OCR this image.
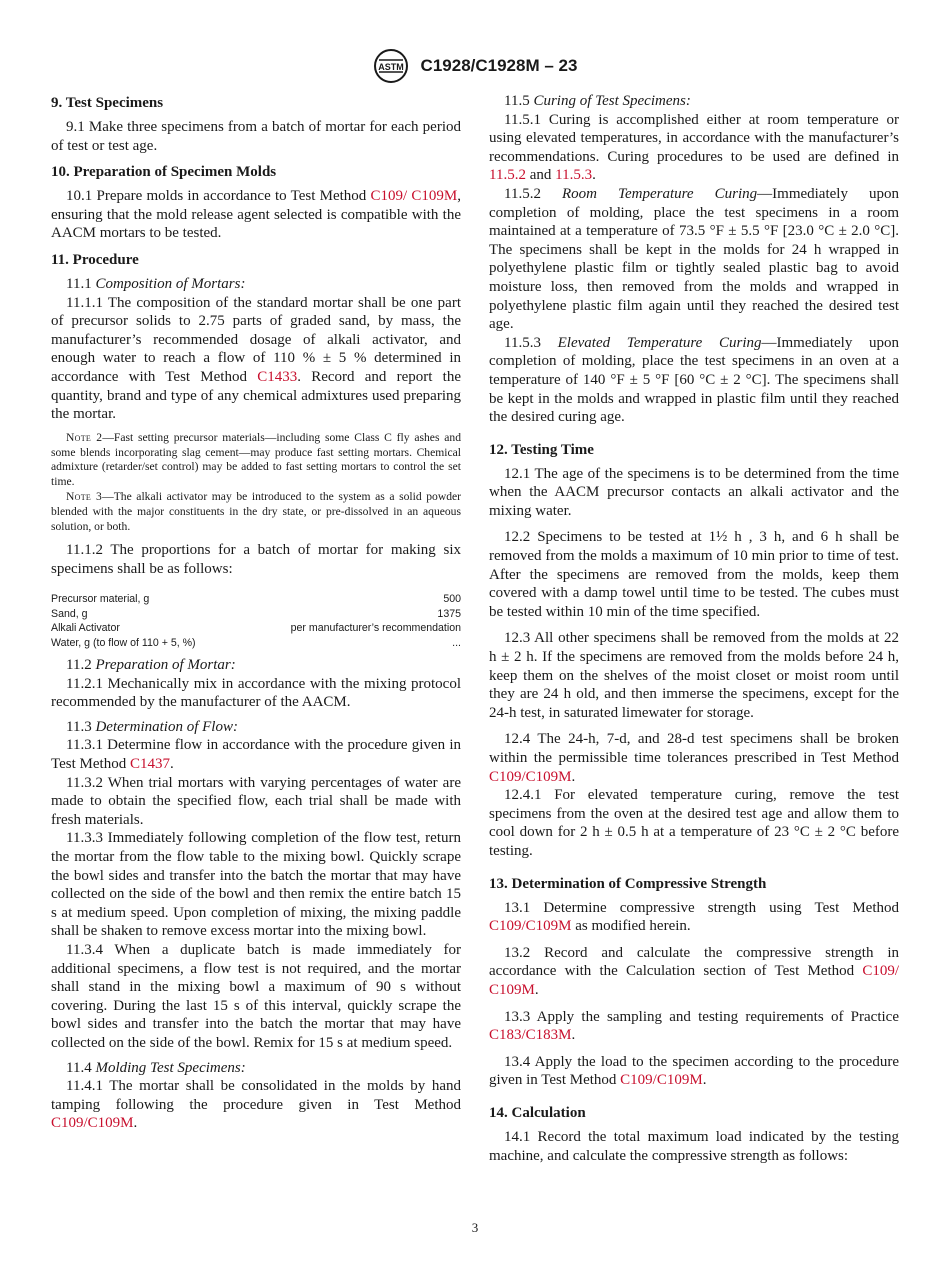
ASTM C1928/C1928M – 23
9. Test Specimens

9.1 Make three specimens from a batch of mortar for each period of test or test age.

10. Preparation of Specimen Molds

10.1 Prepare molds in accordance to Test Method C109/ C109M, ensuring that the mold release agent selected is compatible with the AACM mortars to be tested.

11. Procedure

11.1 Composition of Mortars:

11.1.1 The composition of the standard mortar shall be one part of precursor solids to 2.75 parts of graded sand, by mass, the manufacturer’s recommended dosage of alkali activator, and enough water to reach a flow of 110 % ± 5 % determined in accordance with Test Method C1433. Record and report the quantity, brand and type of any chemical admixtures used preparing the mortar.

Note 2—Fast setting precursor materials—including some Class C fly ashes and some blends incorporating slag cement—may produce fast setting mortars. Chemical admixture (retarder/set control) may be added to fast setting mortars to control the set time.

Note 3—The alkali activator may be introduced to the system as a solid powder blended with the major constituents in the dry state, or pre-dissolved in an aqueous solution, or both.

11.1.2 The proportions for a batch of mortar for making six specimens shall be as follows:

Precursor material, g	500
Sand, g	1375
Alkali Activator	per manufacturer’s recommendation
Water, g (to flow of 110 + 5, %)	...

11.2 Preparation of Mortar:

11.2.1 Mechanically mix in accordance with the mixing protocol recommended by the manufacturer of the AACM.

11.3 Determination of Flow:

11.3.1 Determine flow in accordance with the procedure given in Test Method C1437.

11.3.2 When trial mortars with varying percentages of water are made to obtain the specified flow, each trial shall be made with fresh materials.

11.3.3 Immediately following completion of the flow test, return the mortar from the flow table to the mixing bowl. Quickly scrape the bowl sides and transfer into the batch the mortar that may have collected on the side of the bowl and then remix the entire batch 15 s at medium speed. Upon completion of mixing, the mixing paddle shall be shaken to remove excess mortar into the mixing bowl.

11.3.4 When a duplicate batch is made immediately for additional specimens, a flow test is not required, and the mortar shall stand in the mixing bowl a maximum of 90 s without covering. During the last 15 s of this interval, quickly scrape the bowl sides and transfer into the batch the mortar that may have collected on the side of the bowl. Remix for 15 s at medium speed.

11.4 Molding Test Specimens:

11.4.1 The mortar shall be consolidated in the molds by hand tamping following the procedure given in Test Method C109/C109M.

11.5 Curing of Test Specimens:

11.5.1 Curing is accomplished either at room temperature or using elevated temperatures, in accordance with the manufacturer’s recommendations. Curing procedures to be used are defined in 11.5.2 and 11.5.3.

11.5.2 Room Temperature Curing—Immediately upon completion of molding, place the test specimens in a room maintained at a temperature of 73.5 °F ± 5.5 °F [23.0 °C ± 2.0 °C]. The specimens shall be kept in the molds for 24 h wrapped in polyethylene plastic film or tightly sealed plastic bag to avoid moisture loss, then removed from the molds and wrapped in polyethylene plastic film again until they reached the desired test age.

11.5.3 Elevated Temperature Curing—Immediately upon completion of molding, place the test specimens in an oven at a temperature of 140 °F ± 5 °F [60 °C ± 2 °C]. The specimens shall be kept in the molds and wrapped in plastic film until they reached the desired curing age.

12. Testing Time

12.1 The age of the specimens is to be determined from the time when the AACM precursor contacts an alkali activator and the mixing water.

12.2 Specimens to be tested at 1½ h , 3 h, and 6 h shall be removed from the molds a maximum of 10 min prior to time of test. After the specimens are removed from the molds, keep them covered with a damp towel until time to be tested. The cubes must be tested within 10 min of the time specified.

12.3 All other specimens shall be removed from the molds at 22 h ± 2 h. If the specimens are removed from the molds before 24 h, keep them on the shelves of the moist closet or moist room until they are 24 h old, and then immerse the specimens, except for the 24-h test, in saturated limewater for storage.

12.4 The 24-h, 7-d, and 28-d test specimens shall be broken within the permissible time tolerances prescribed in Test Method C109/C109M.

12.4.1 For elevated temperature curing, remove the test specimens from the oven at the desired test age and allow them to cool down for 2 h ± 0.5 h at a temperature of 23 °C ± 2 °C before testing.

13. Determination of Compressive Strength

13.1 Determine compressive strength using Test Method C109/C109M as modified herein.

13.2 Record and calculate the compressive strength in accordance with the Calculation section of Test Method C109/ C109M.

13.3 Apply the sampling and testing requirements of Practice C183/C183M.

13.4 Apply the load to the specimen according to the procedure given in Test Method C109/C109M.

14. Calculation

14.1 Record the total maximum load indicated by the testing machine, and calculate the compressive strength as follows:

3
